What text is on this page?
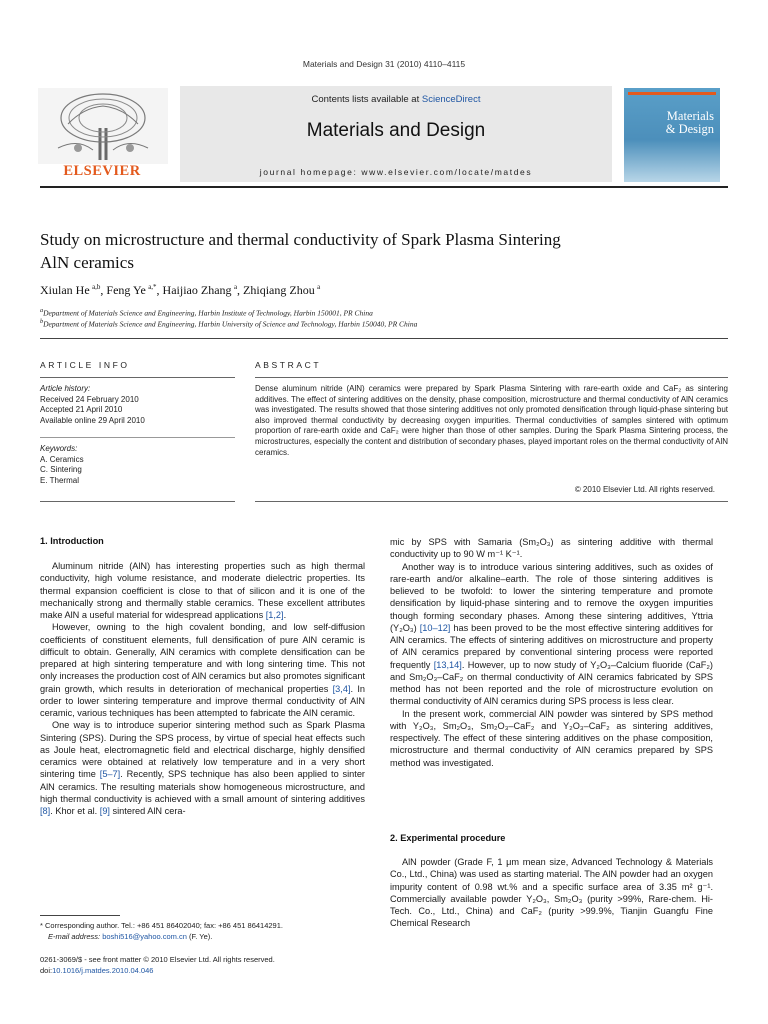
Materials and Design 31 (2010) 4110–4115
ELSEVIER
Contents lists available at ScienceDirect
Materials and Design
journal homepage: www.elsevier.com/locate/matdes
Materials
& Design
Study on microstructure and thermal conductivity of Spark Plasma Sintering
AlN ceramics
Xiulan He  $^{a,b}$, Feng Ye  $^{a,*}$, Haijiao Zhang  $^a$, Zhiqiang Zhou  $^a$
$^a$Department of Materials Science and Engineering, Harbin Institute of Technology, Harbin 150001, PR China
$^b$Department of Materials Science and Engineering, Harbin University of Science and Technology, Harbin 150040, PR China
ARTICLE INFO	ABSTRACT
Article history:
Received 24 February 2010
Accepted 21 April 2010
Available online 29 April 2010
Keywords:
A. Ceramics
C. Sintering
E. Thermal
Dense aluminum nitride (AlN) ceramics were prepared by Spark Plasma Sintering with rare-earth oxide and CaF₂ as sintering additives. The effect of sintering additives on the density, phase composition, microstructure and thermal conductivity of AlN ceramics was investigated. The results showed that those sintering additives not only promoted densification through liquid-phase sintering but also improved thermal conductivity by decreasing oxygen impurities. Thermal conductivities of samples sintered with optimum proportion of rare-earth oxide and CaF₂ were higher than those of other samples. During the Spark Plasma Sintering process, the microstructures, especially the content and distribution of secondary phases, played important roles on the thermal conductivity of AlN ceramics.
© 2010 Elsevier Ltd. All rights reserved.
1. Introduction

Aluminum nitride (AlN) has interesting properties such as high thermal conductivity, high volume resistance, and moderate dielectric properties. Its thermal expansion coefficient is close to that of silicon and it is one of the mechanically strong and thermally stable ceramics. These excellent attributes make AlN a useful material for widespread applications [1,2].

However, owning to the high covalent bonding, and low self-diffusion coefficients of constituent elements, full densification of pure AlN ceramic is difficult to obtain. Generally, AlN ceramics with complete densification can be prepared at high sintering temperature and with long sintering time. This not only increases the production cost of AlN ceramics but also promotes significant grain growth, which results in deterioration of mechanical properties [3,4]. In order to lower sintering temperature and improve thermal conductivity of AlN ceramic, various techniques has been attempted to fabricate the AlN ceramic.

One way is to introduce superior sintering method such as Spark Plasma Sintering (SPS). During the SPS process, by virtue of special heat effects such as Joule heat, electromagnetic field and electrical discharge, highly densified ceramics were obtained at relatively low temperature and in a very short sintering time [5–7]. Recently, SPS technique has also been applied to sinter AlN ceramics. The resulting materials show homogeneous microstructure, and high thermal conductivity is achieved with a small amount of sintering additives [8]. Khor et al. [9] sintered AlN cera-

mic by SPS with Samaria (Sm₂O₃) as sintering additive with thermal conductivity up to 90 W m⁻¹ K⁻¹.

Another way is to introduce various sintering additives, such as oxides of rare-earth and/or alkaline–earth. The role of those sintering additives is believed to be twofold: to lower the sintering temperature and promote densification by liquid-phase sintering and to remove the oxygen impurities though forming secondary phases. Among these sintering additives, Yttria (Y₂O₃) [10–12] has been proved to be the most effective sintering additives for AlN ceramics. The effects of sintering additives on microstructure and property of AlN ceramics prepared by conventional sintering process were reported frequently [13,14]. However, up to now study of Y₂O₃–Calcium fluoride (CaF₂) and Sm₂O₃–CaF₂ on thermal conductivity of AlN ceramics fabricated by SPS method has not been reported and the role of microstructure evolution on thermal conductivity of AlN ceramics during SPS process is less clear.

In the present work, commercial AlN powder was sintered by SPS method with Y₂O₃, Sm₂O₃, Sm₂O₃–CaF₂ and Y₂O₃–CaF₂ as sintering additives, respectively. The effect of these sintering additives on the phase composition, microstructure and thermal conductivity of AlN ceramics prepared by SPS method was investigated.

2. Experimental procedure

AlN powder (Grade F, 1 μm mean size, Advanced Technology & Materials Co., Ltd., China) was used as starting material. The AlN powder had an oxygen impurity content of 0.98 wt.% and a specific surface area of 3.35 m² g⁻¹. Commercially available powder Y₂O₃, Sm₂O₃ (purity >99%, Rare-chem. Hi-Tech. Co., Ltd., China) and CaF₂ (purity >99.9%, Tianjin Guangfu Fine Chemical Research

* Corresponding author. Tel.: +86 451 86402040; fax: +86 451 86414291.
E-mail address: boshi516@yahoo.com.cn (F. Ye).
0261-3069/$ - see front matter © 2010 Elsevier Ltd. All rights reserved.
doi:10.1016/j.matdes.2010.04.046
